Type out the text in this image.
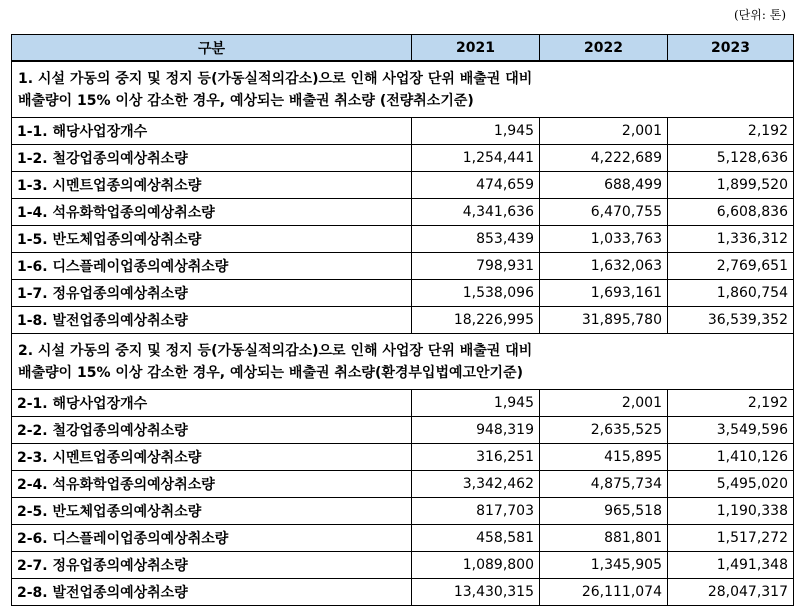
(단위: 톤)
구분	2021	2022	2023

1. 시설 가동의 중지 및 정지 등(가동실적의감소)으로 인해 사업장 단위 배출권 대비
배출량이 15% 이상 감소한 경우, 예상되는 배출권 취소량 (전량취소기준)			

1-1. 해당사업장개수	1,945	2,001	2,192
1-2. 철강업종의예상취소량	1,254,441	4,222,689	5,128,636
1-3. 시멘트업종의예상취소량	474,659	688,499	1,899,520
1-4. 석유화학업종의예상취소량	4,341,636	6,470,755	6,608,836
1-5. 반도체업종의예상취소량	853,439	1,033,763	1,336,312
1-6. 디스플레이업종의예상취소량	798,931	1,632,063	2,769,651
1-7. 정유업종의예상취소량	1,538,096	1,693,161	1,860,754
1-8. 발전업종의예상취소량	18,226,995	31,895,780	36,539,352

2. 시설 가동의 중지 및 정지 등(가동실적의감소)으로 인해 사업장 단위 배출권 대비
배출량이 15% 이상 감소한 경우, 예상되는 배출권 취소량(환경부입법예고안기준)			

2-1. 해당사업장개수	1,945	2,001	2,192
2-2. 철강업종의예상취소량	948,319	2,635,525	3,549,596
2-3. 시멘트업종의예상취소량	316,251	415,895	1,410,126
2-4. 석유화학업종의예상취소량	3,342,462	4,875,734	5,495,020
2-5. 반도체업종의예상취소량	817,703	965,518	1,190,338
2-6. 디스플레이업종의예상취소량	458,581	881,801	1,517,272
2-7. 정유업종의예상취소량	1,089,800	1,345,905	1,491,348
2-8. 발전업종의예상취소량	13,430,315	26,111,074	28,047,317
